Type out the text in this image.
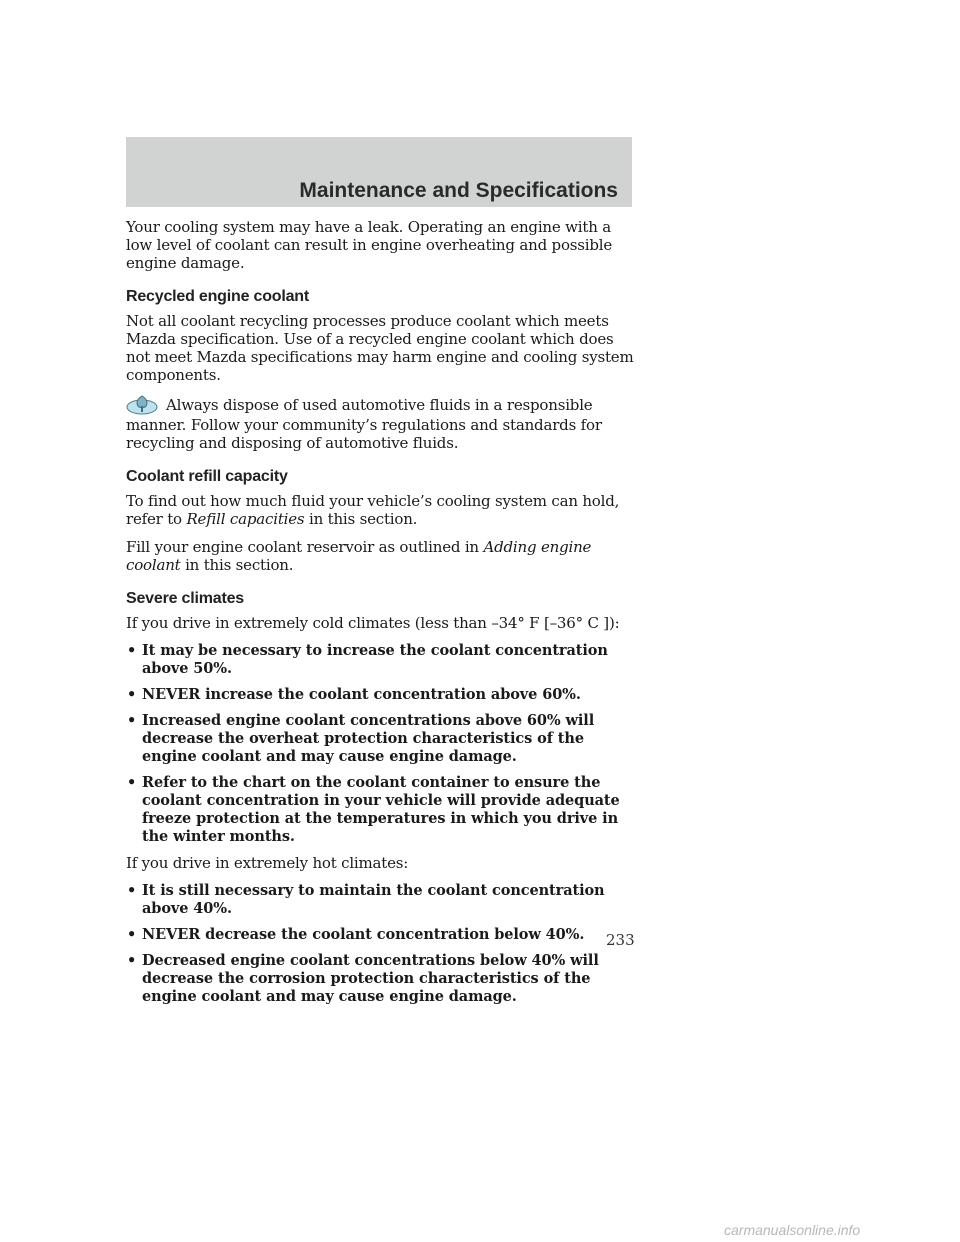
Maintenance and Specifications

Your cooling system may have a leak. Operating an engine with a low level of coolant can result in engine overheating and possible engine damage.

Recycled engine coolant

Not all coolant recycling processes produce coolant which meets Mazda specification. Use of a recycled engine coolant which does not meet Mazda specifications may harm engine and cooling system components.

Always dispose of used automotive fluids in a responsible manner. Follow your community’s regulations and standards for recycling and disposing of automotive fluids.

Coolant refill capacity

To find out how much fluid your vehicle’s cooling system can hold, refer to Refill capacities in this section.

Fill your engine coolant reservoir as outlined in Adding engine coolant in this section.

Severe climates

If you drive in extremely cold climates (less than –34° F [–36° C ]):

• It may be necessary to increase the coolant concentration above 50%.
• NEVER increase the coolant concentration above 60%.
• Increased engine coolant concentrations above 60% will decrease the overheat protection characteristics of the engine coolant and may cause engine damage.
• Refer to the chart on the coolant container to ensure the coolant concentration in your vehicle will provide adequate freeze protection at the temperatures in which you drive in the winter months.

If you drive in extremely hot climates:

• It is still necessary to maintain the coolant concentration above 40%.
• NEVER decrease the coolant concentration below 40%.
• Decreased engine coolant concentrations below 40% will decrease the corrosion protection characteristics of the engine coolant and may cause engine damage.
233
carmanualsonline.info
